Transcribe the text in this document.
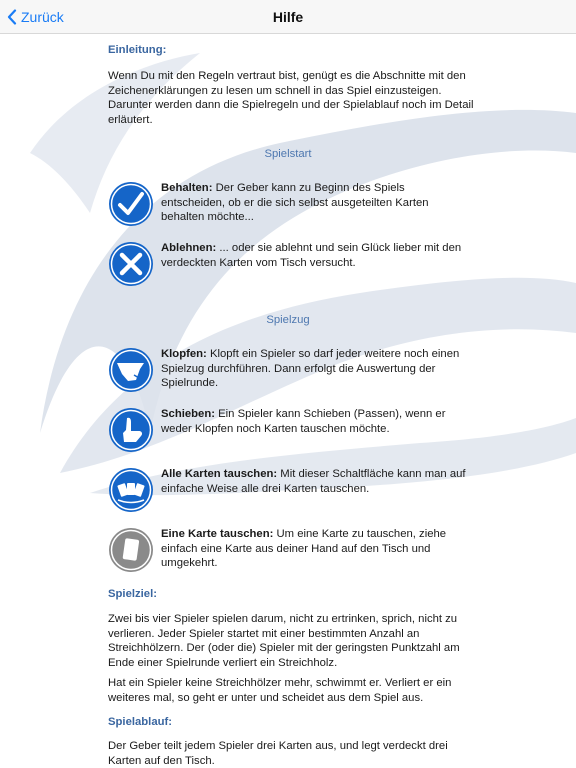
Zurück	Hilfe
Einleitung:

Wenn Du mit den Regeln vertraut bist, genügt es die Abschnitte mit den Zeichenerklärungen zu lesen um schnell in das Spiel einzusteigen. Darunter werden dann die Spielregeln und der Spielablauf noch im Detail erläutert.

Spielstart
Behalten: Der Geber kann zu Beginn des Spiels entscheiden, ob er die sich selbst ausgeteilten Karten behalten möchte...
Ablehnen: ... oder sie ablehnt und sein Glück lieber mit den verdeckten Karten vom Tisch versucht.
Spielzug
Klopfen: Klopft ein Spieler so darf jeder weitere noch einen Spielzug durchführen. Dann erfolgt die Auswertung der Spielrunde.
Schieben: Ein Spieler kann Schieben (Passen), wenn er weder Klopfen noch Karten tauschen möchte.
Alle Karten tauschen: Mit dieser Schaltfläche kann man auf einfache Weise alle drei Karten tauschen.
Eine Karte tauschen: Um eine Karte zu tauschen, ziehe einfach eine Karte aus deiner Hand auf den Tisch und umgekehrt.
Spielziel:

Zwei bis vier Spieler spielen darum, nicht zu ertrinken, sprich, nicht zu verlieren. Jeder Spieler startet mit einer bestimmten Anzahl an Streichhölzern. Der (oder die) Spieler mit der geringsten Punktzahl am Ende einer Spielrunde verliert ein Streichholz.

Hat ein Spieler keine Streichhölzer mehr, schwimmt er. Verliert er ein weiteres mal, so geht er unter und scheidet aus dem Spiel aus.

Spielablauf:

Der Geber teilt jedem Spieler drei Karten aus, und legt verdeckt drei Karten auf den Tisch.
